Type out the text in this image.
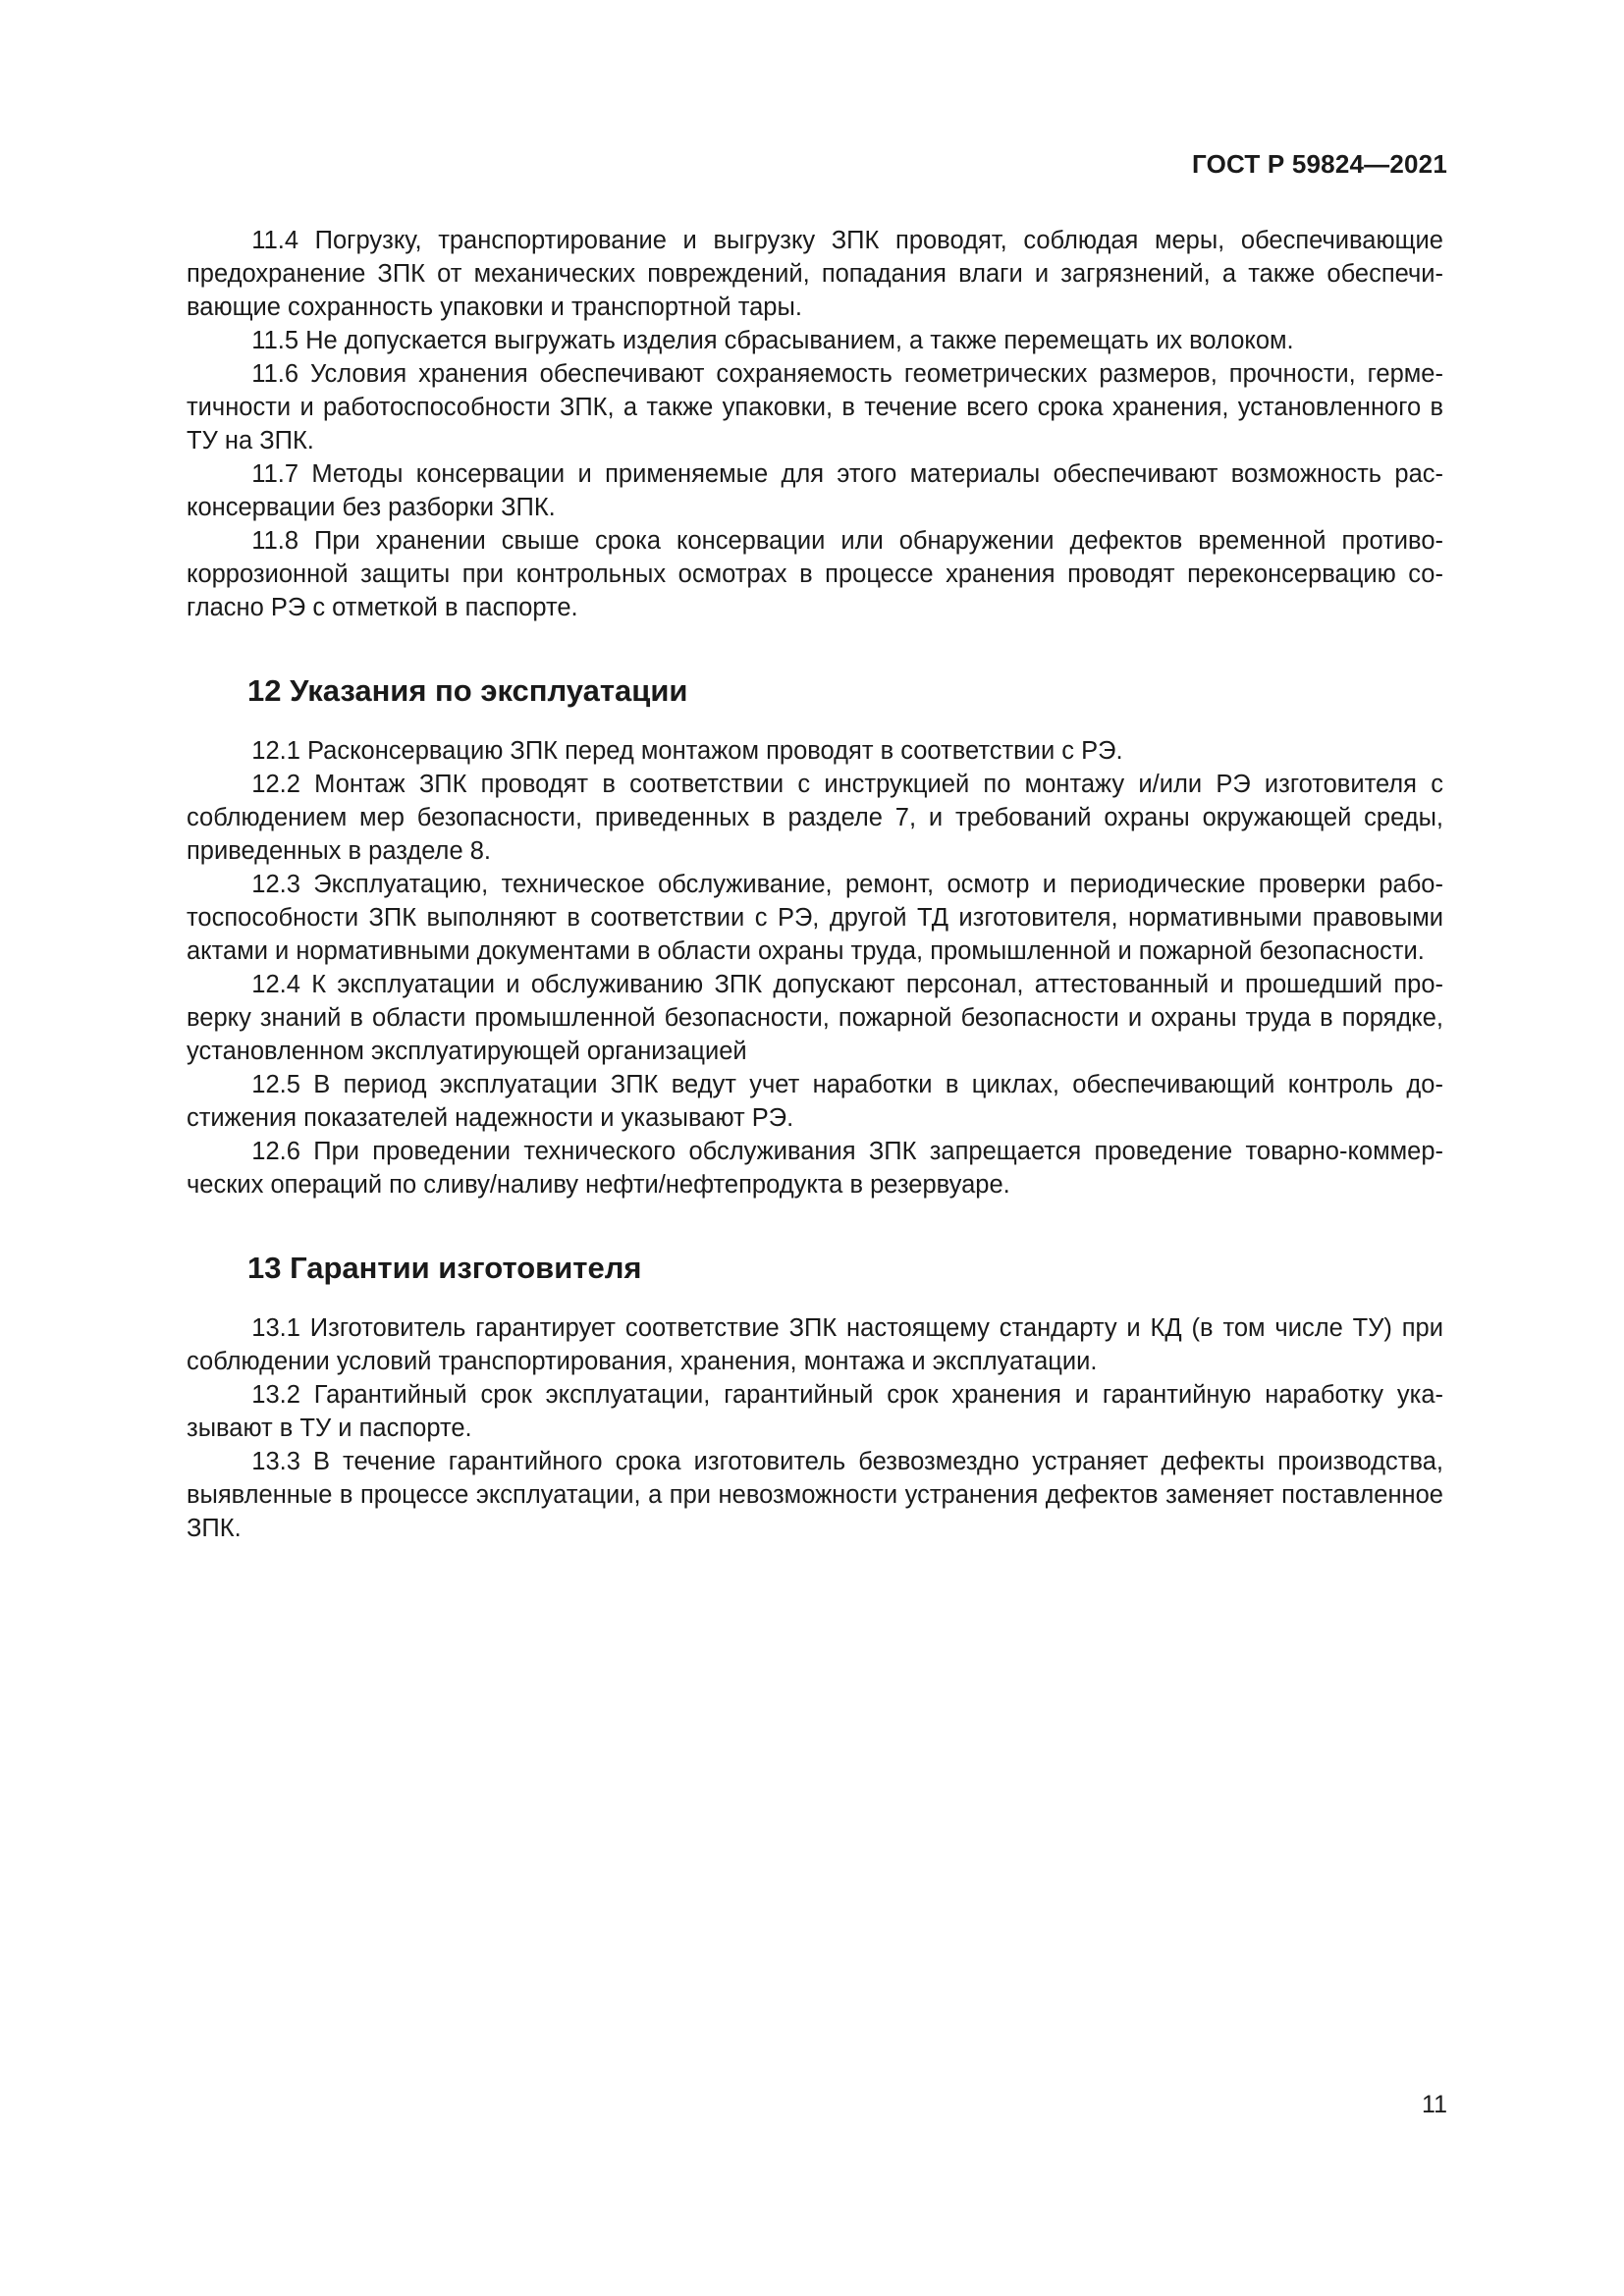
ГОСТ Р 59824—2021

11.4 Погрузку, транспортирование и выгрузку ЗПК проводят, соблюдая меры, обеспечивающие предохранение ЗПК от механических повреждений, попадания влаги и загрязнений, а также обеспечивающие сохранность упаковки и транспортной тары.

11.5 Не допускается выгружать изделия сбрасыванием, а также перемещать их волоком.

11.6 Условия хранения обеспечивают сохраняемость геометрических размеров, прочности, герметичности и работоспособности ЗПК, а также упаковки, в течение всего срока хранения, установленного в ТУ на ЗПК.

11.7 Методы консервации и применяемые для этого материалы обеспечивают возможность расконсервации без разборки ЗПК.

11.8 При хранении свыше срока консервации или обнаружении дефектов временной противокоррозионной защиты при контрольных осмотрах в процессе хранения проводят переконсервацию согласно РЭ с отметкой в паспорте.

12 Указания по эксплуатации

12.1 Расконсервацию ЗПК перед монтажом проводят в соответствии с РЭ.

12.2 Монтаж ЗПК проводят в соответствии с инструкцией по монтажу и/или РЭ изготовителя с соблюдением мер безопасности, приведенных в разделе 7, и требований охраны окружающей среды, приведенных в разделе 8.

12.3 Эксплуатацию, техническое обслуживание, ремонт, осмотр и периодические проверки работоспособности ЗПК выполняют в соответствии с РЭ, другой ТД изготовителя, нормативными правовыми актами и нормативными документами в области охраны труда, промышленной и пожарной безопасности.

12.4 К эксплуатации и обслуживанию ЗПК допускают персонал, аттестованный и прошедший проверку знаний в области промышленной безопасности, пожарной безопасности и охраны труда в порядке, установленном эксплуатирующей организацией

12.5 В период эксплуатации ЗПК ведут учет наработки в циклах, обеспечивающий контроль достижения показателей надежности и указывают РЭ.

12.6 При проведении технического обслуживания ЗПК запрещается проведение товарно-коммерческих операций по сливу/наливу нефти/нефтепродукта в резервуаре.

13 Гарантии изготовителя

13.1 Изготовитель гарантирует соответствие ЗПК настоящему стандарту и КД (в том числе ТУ) при соблюдении условий транспортирования, хранения, монтажа и эксплуатации.

13.2 Гарантийный срок эксплуатации, гарантийный срок хранения и гарантийную наработку указывают в ТУ и паспорте.

13.3 В течение гарантийного срока изготовитель безвозмездно устраняет дефекты производства, выявленные в процессе эксплуатации, а при невозможности устранения дефектов заменяет поставленное ЗПК.

11
